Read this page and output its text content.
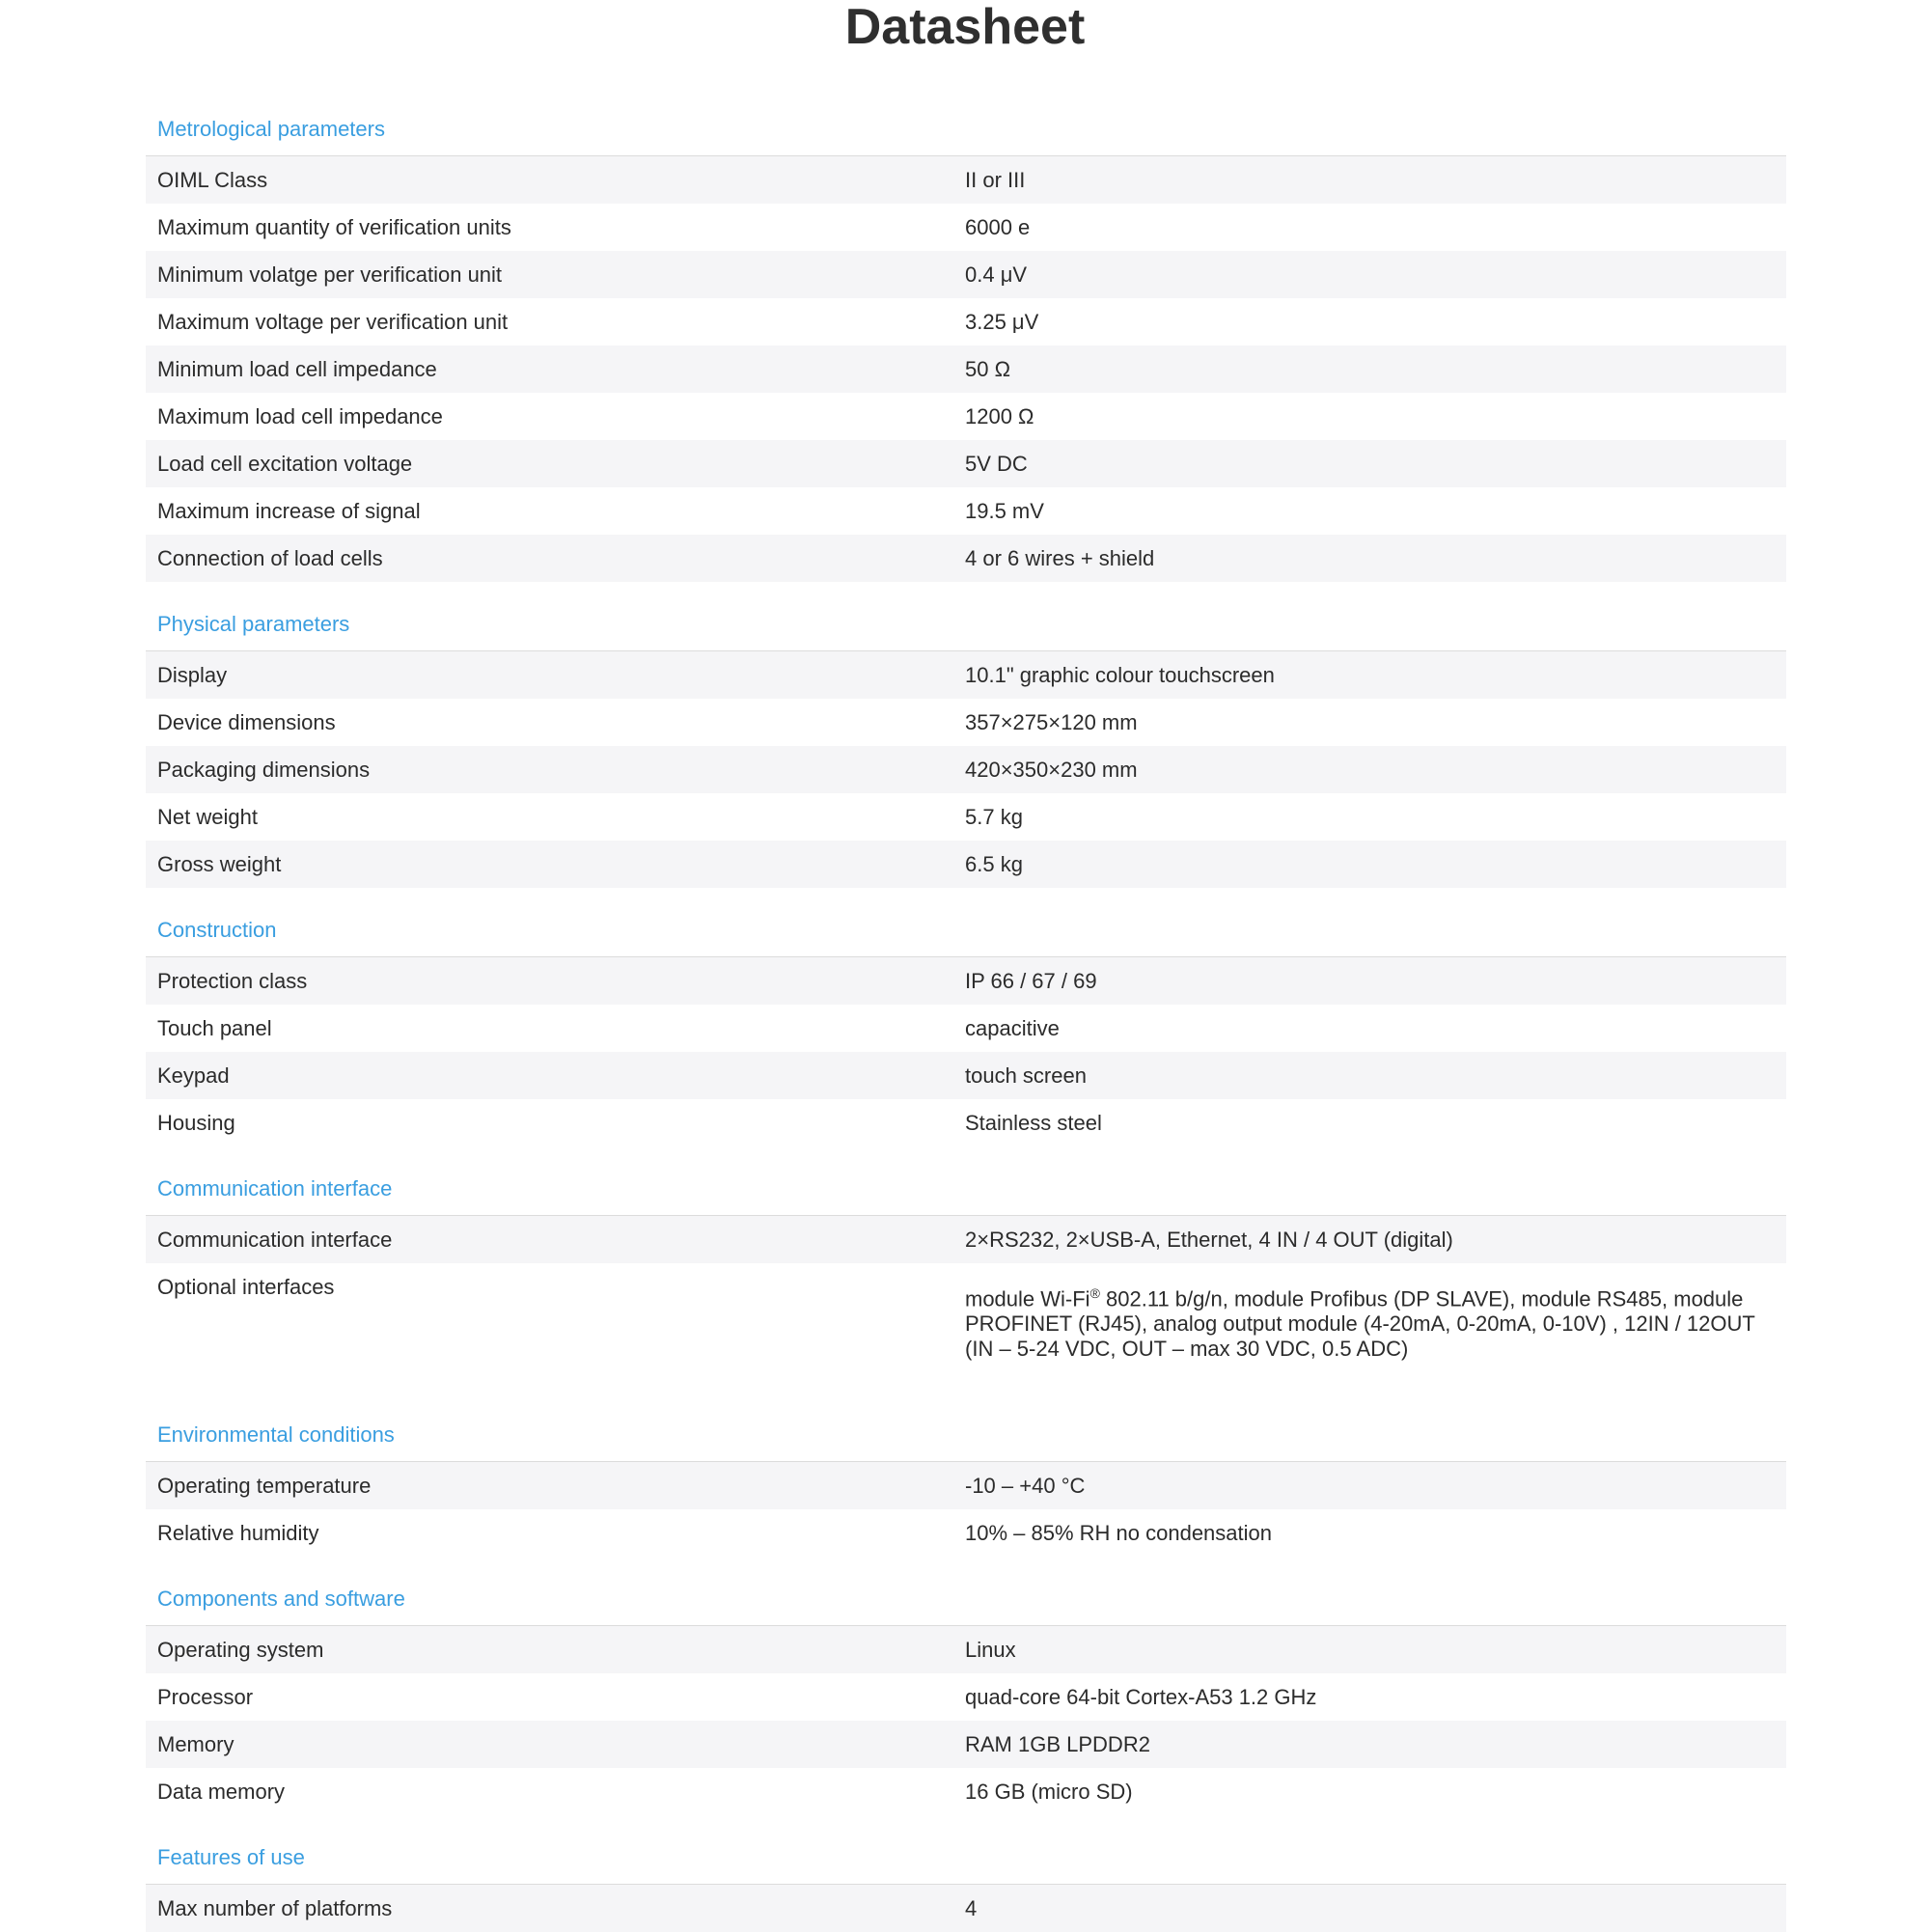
Datasheet
Metrological parameters
OIML Class	II or III
Maximum quantity of verification units	6000 e
Minimum volatge per verification unit	0.4 μV
Maximum voltage per verification unit	3.25 μV
Minimum load cell impedance	50 Ω
Maximum load cell impedance	1200 Ω
Load cell excitation voltage	5V DC
Maximum increase of signal	19.5 mV
Connection of load cells	4 or 6 wires + shield
Physical parameters
Display	10.1" graphic colour touchscreen
Device dimensions	357×275×120 mm
Packaging dimensions	420×350×230 mm
Net weight	5.7 kg
Gross weight	6.5 kg
Construction
Protection class	IP 66 / 67 / 69
Touch panel	capacitive
Keypad	touch screen
Housing	Stainless steel
Communication interface
Communication interface	2×RS232, 2×USB-A, Ethernet, 4 IN / 4 OUT (digital)
Optional interfaces	module Wi-Fi® 802.11 b/g/n, module Profibus (DP SLAVE), module RS485, module PROFINET (RJ45), analog output module (4-20mA, 0-20mA, 0-10V) , 12IN / 12OUT (IN – 5-24 VDC, OUT – max 30 VDC, 0.5 ADC)
Environmental conditions
Operating temperature	-10 – +40 °C
Relative humidity	10% – 85% RH no condensation
Components and software
Operating system	Linux
Processor	quad-core 64-bit Cortex-A53 1.2 GHz
Memory	RAM 1GB LPDDR2
Data memory	16 GB (micro SD)
Features of use
Max number of platforms	4
